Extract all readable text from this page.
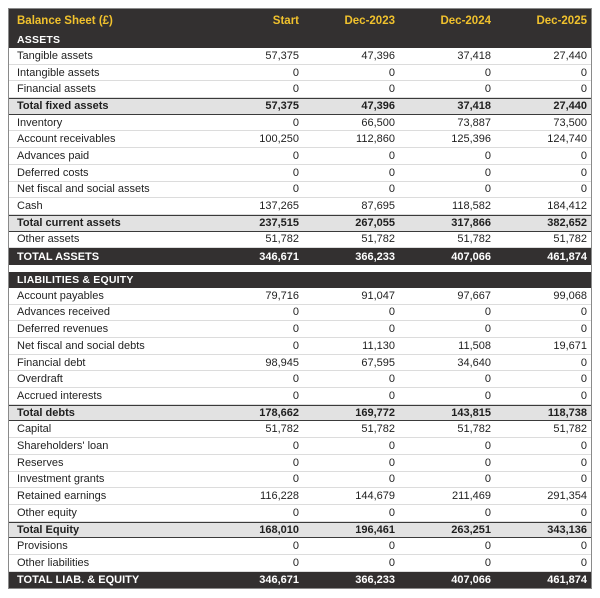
Balance Sheet (£)	Start	Dec-2023	Dec-2024	Dec-2025
ASSETS
Tangible assets	57,375	47,396	37,418	27,440
Intangible assets	0	0	0	0
Financial assets	0	0	0	0
Total fixed assets	57,375	47,396	37,418	27,440
Inventory	0	66,500	73,887	73,500
Account receivables	100,250	112,860	125,396	124,740
Advances paid	0	0	0	0
Deferred costs	0	0	0	0
Net fiscal and social assets	0	0	0	0
Cash	137,265	87,695	118,582	184,412
Total current assets	237,515	267,055	317,866	382,652
Other assets	51,782	51,782	51,782	51,782
TOTAL ASSETS	346,671	366,233	407,066	461,874
LIABILITIES & EQUITY
Account payables	79,716	91,047	97,667	99,068
Advances received	0	0	0	0
Deferred revenues	0	0	0	0
Net fiscal and social debts	0	11,130	11,508	19,671
Financial debt	98,945	67,595	34,640	0
Overdraft	0	0	0	0
Accrued interests	0	0	0	0
Total debts	178,662	169,772	143,815	118,738
Capital	51,782	51,782	51,782	51,782
Shareholders' loan	0	0	0	0
Reserves	0	0	0	0
Investment grants	0	0	0	0
Retained earnings	116,228	144,679	211,469	291,354
Other equity	0	0	0	0
Total Equity	168,010	196,461	263,251	343,136
Provisions	0	0	0	0
Other liabilities	0	0	0	0
TOTAL LIAB. & EQUITY	346,671	366,233	407,066	461,874
